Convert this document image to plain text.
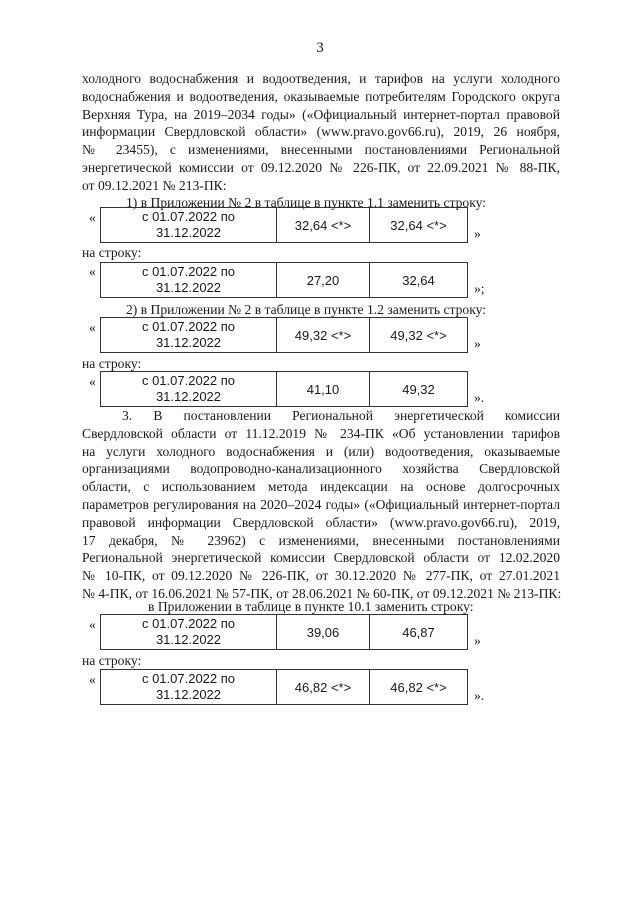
3
холодного водоснабжения и водоотведения, и тарифов на услуги холодного
водоснабжения и водоотведения, оказываемые потребителям Городского округа
Верхняя Тура, на 2019–2034 годы» («Официальный интернет-портал правовой
информации Свердловской области» (www.pravo.gov66.ru), 2019, 26 ноября,
№ 23455), с изменениями, внесенными постановлениями Региональной
энергетической комиссии от 09.12.2020 № 226-ПК, от 22.09.2021 № 88-ПК,
от 09.12.2021 № 213-ПК:
1) в Приложении № 2 в таблице в пункте 1.1 заменить строку:
«	с 01.07.2022 по
31.12.2022	32,64 <*>	32,64 <*>
»
на строку:
«	с 01.07.2022 по
31.12.2022	27,20	32,64
»;
2) в Приложении № 2 в таблице в пункте 1.2 заменить строку:
«	с 01.07.2022 по
31.12.2022	49,32 <*>	49,32 <*>
»
на строку:
«	с 01.07.2022 по
31.12.2022	41,10	49,32
».
3. В постановлении Региональной энергетической комиссии
Свердловской области от 11.12.2019 № 234-ПК «Об установлении тарифов
на услуги холодного водоснабжения и (или) водоотведения, оказываемые
организациями водопроводно-канализационного хозяйства Свердловской
области, с использованием метода индексации на основе долгосрочных
параметров регулирования на 2020–2024 годы» («Официальный интернет-портал
правовой информации Свердловской области» (www.pravo.gov66.ru), 2019,
17 декабря, № 23962) с изменениями, внесенными постановлениями
Региональной энергетической комиссии Свердловской области от 12.02.2020
№ 10-ПК, от 09.12.2020 № 226-ПК, от 30.12.2020 № 277-ПК, от 27.01.2021
№ 4-ПК, от 16.06.2021 № 57-ПК, от 28.06.2021 № 60-ПК, от 09.12.2021 № 213-ПК:
в Приложении в таблице в пункте 10.1 заменить строку:
«	с 01.07.2022 по
31.12.2022	39,06	46,87
»
на строку:
«	с 01.07.2022 по
31.12.2022	46,82 <*>	46,82 <*>
».
